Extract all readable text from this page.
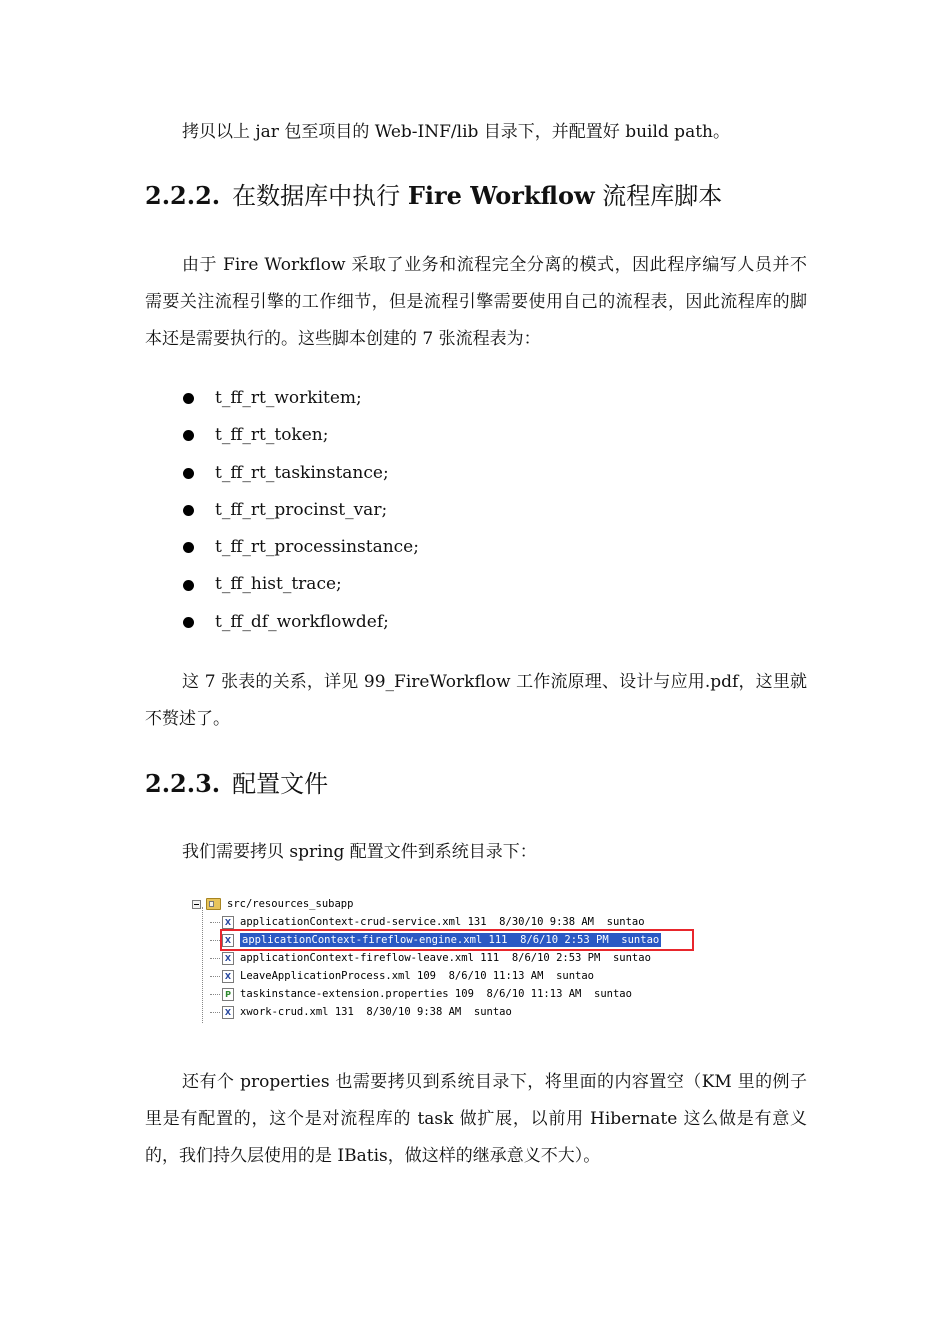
拷贝以上 jar 包至项目的 Web-INF/lib 目录下，并配置好 build path。

2.2.2. 在数据库中执行 Fire Workflow 流程库脚本

由于 Fire Workflow 采取了业务和流程完全分离的模式，因此程序编写人员并不需要关注流程引擎的工作细节，但是流程引擎需要使用自己的流程表，因此流程库的脚本还是需要执行的。这些脚本创建的 7 张流程表为：

t_ff_rt_workitem;
t_ff_rt_token;
t_ff_rt_taskinstance;
t_ff_rt_procinst_var;
t_ff_rt_processinstance;
t_ff_hist_trace;
t_ff_df_workflowdef;

这 7 张表的关系，详见 99_FireWorkflow 工作流原理、设计与应用.pdf，这里就不赘述了。

2.2.3. 配置文件

我们需要拷贝 spring 配置文件到系统目录下：

src/resources_subapp
X applicationContext-crud-service.xml 131  8/30/10 9:38 AM  suntao
X applicationContext-fireflow-engine.xml 111  8/6/10 2:53 PM  suntao
X applicationContext-fireflow-leave.xml 111  8/6/10 2:53 PM  suntao
X LeaveApplicationProcess.xml 109  8/6/10 11:13 AM  suntao
P taskinstance-extension.properties 109  8/6/10 11:13 AM  suntao
X xwork-crud.xml 131  8/30/10 9:38 AM  suntao

还有个 properties 也需要拷贝到系统目录下，将里面的内容置空（KM 里的例子里是有配置的，这个是对流程库的 task 做扩展，以前用 Hibernate 这么做是有意义的，我们持久层使用的是 IBatis，做这样的继承意义不大）。
